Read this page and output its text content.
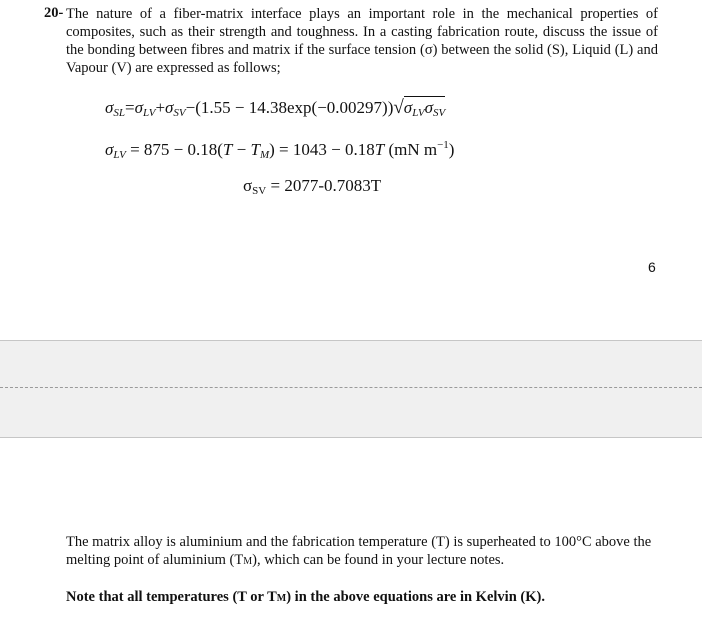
20- The nature of a fiber-matrix interface plays an important role in the mechanical properties of composites, such as their strength and toughness. In a casting fabrication route, discuss the issue of the bonding between fibres and matrix if the surface tension (σ) between the solid (S), Liquid (L) and Vapour (V) are expressed as follows;
$\sigma_{SL}=\sigma_{LV}+\sigma_{SV}-(1.55 - 14.38\exp(-0.00297))√\sigma_{LV}\sigma_{SV}$
$\sigma_{LV} = 875 - 0.18(T - T_M) = 1043 - 0.18T$ (mN $m^{-1}$)
σSV = 2077-0.7083T
6
The matrix alloy is aluminium and the fabrication temperature (T) is superheated to 100°C above the melting point of aluminium (TM), which can be found in your lecture notes.
Note that all temperatures (T or TM) in the above equations are in Kelvin (K).
